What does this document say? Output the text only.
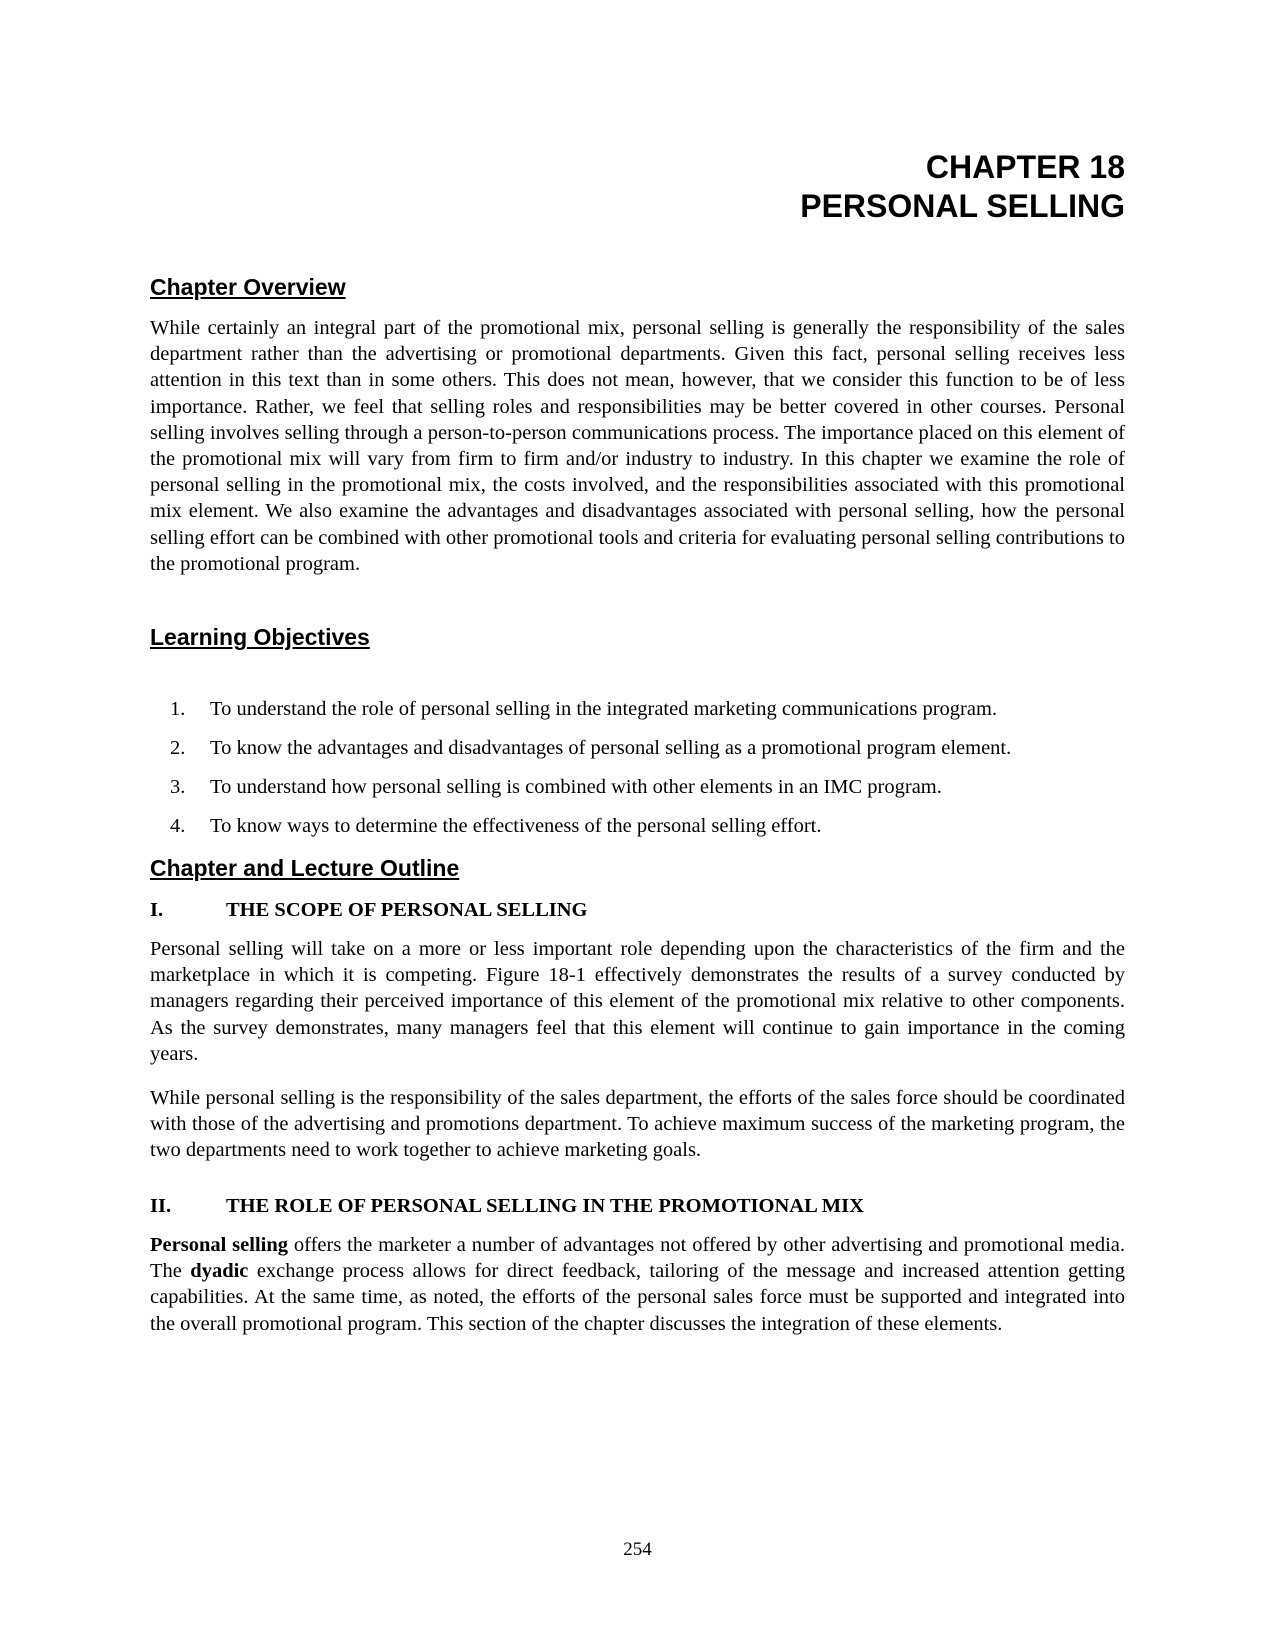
CHAPTER 18
PERSONAL SELLING
Chapter Overview

While certainly an integral part of the promotional mix, personal selling is generally the responsibility of the sales department rather than the advertising or promotional departments. Given this fact, personal selling receives less attention in this text than in some others. This does not mean, however, that we consider this function to be of less importance. Rather, we feel that selling roles and responsibilities may be better covered in other courses. Personal selling involves selling through a person-to-person communications process. The importance placed on this element of the promotional mix will vary from firm to firm and/or industry to industry. In this chapter we examine the role of personal selling in the promotional mix, the costs involved, and the responsibilities associated with this promotional mix element. We also examine the advantages and disadvantages associated with personal selling, how the personal selling effort can be combined with other promotional tools and criteria for evaluating personal selling contributions to the promotional program.

Learning Objectives
1. To understand the role of personal selling in the integrated marketing communications program.
2. To know the advantages and disadvantages of personal selling as a promotional program element.
3. To understand how personal selling is combined with other elements in an IMC program.
4. To know ways to determine the effectiveness of the personal selling effort.
Chapter and Lecture Outline
I.	THE SCOPE OF PERSONAL SELLING

Personal selling will take on a more or less important role depending upon the characteristics of the firm and the marketplace in which it is competing. Figure 18-1 effectively demonstrates the results of a survey conducted by managers regarding their perceived importance of this element of the promotional mix relative to other components. As the survey demonstrates, many managers feel that this element will continue to gain importance in the coming years.

While personal selling is the responsibility of the sales department, the efforts of the sales force should be coordinated with those of the advertising and promotions department. To achieve maximum success of the marketing program, the two departments need to work together to achieve marketing goals.

II.	THE ROLE OF PERSONAL SELLING IN THE PROMOTIONAL MIX

Personal selling offers the marketer a number of advantages not offered by other advertising and promotional media. The dyadic exchange process allows for direct feedback, tailoring of the message and increased attention getting capabilities. At the same time, as noted, the efforts of the personal sales force must be supported and integrated into the overall promotional program. This section of the chapter discusses the integration of these elements.

254
